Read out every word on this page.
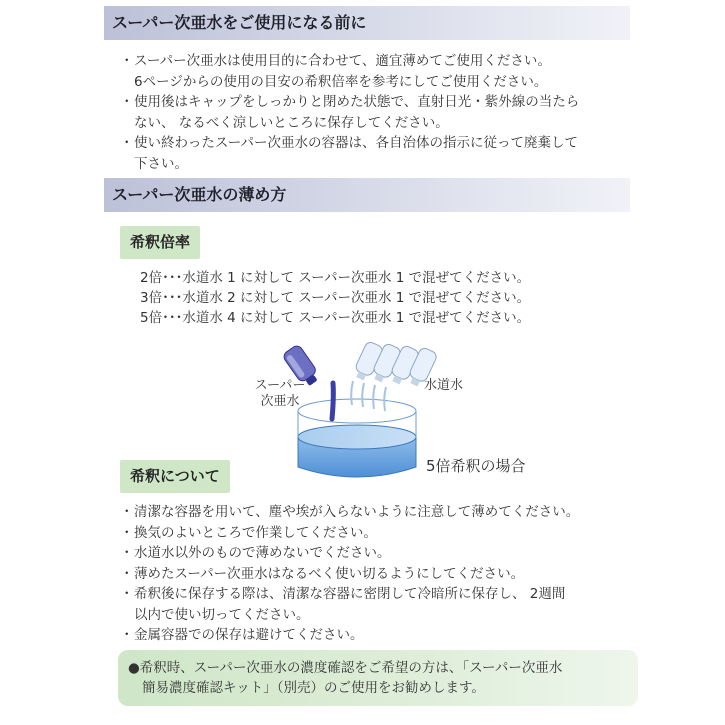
スーパー次亜水をご使用になる前に
・スーパー次亜水は使用目的に合わせて、適宜薄めてご使用ください。
6ページからの使用の目安の希釈倍率を参考にしてご使用ください。
・使用後はキャップをしっかりと閉めた状態で、直射日光・紫外線の当たら
ない、 なるべく涼しいところに保存してください。
・使い終わったスーパー次亜水の容器は、各自治体の指示に従って廃棄して
下さい。
スーパー次亜水の薄め方
希釈倍率
2倍･･･水道水 1 に対して スーパー次亜水 1 で混ぜてください。
3倍･･･水道水 2 に対して スーパー次亜水 1 で混ぜてください。
5倍･･･水道水 4 に対して スーパー次亜水 1 で混ぜてください。
スーパー
次亜水
水道水
5倍希釈の場合
希釈について
・清潔な容器を用いて、塵や埃が入らないように注意して薄めてください。
・換気のよいところで作業してください。
・水道水以外のもので薄めないでください。
・薄めたスーパー次亜水はなるべく使い切るようにしてください。
・希釈後に保存する際は、清潔な容器に密閉して冷暗所に保存し、 2週間
以内で使い切ってください。
・金属容器での保存は避けてください。
●希釈時、スーパー次亜水の濃度確認をご希望の方は、「スーパー次亜水
簡易濃度確認キット」（別売）のご使用をお勧めします。
